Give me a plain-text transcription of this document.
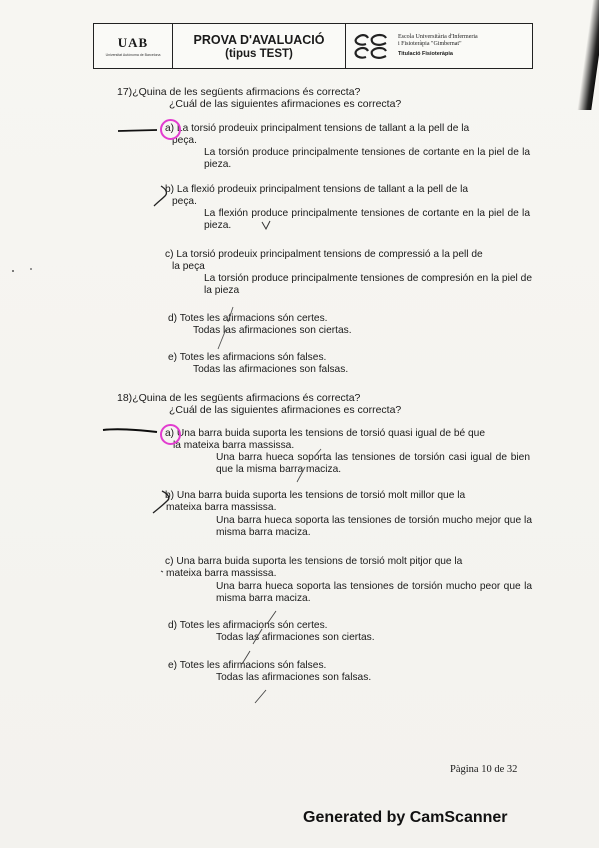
UAB
Universitat Autònoma de Barcelona
PROVA D'AVALUACIÓ
(tipus TEST)
Escola Universitària d'Infermeria
i Fisioteràpia "Gimbernat"
Titulació Fisioteràpia
17)¿Quina de les següents afirmacions és correcta?
¿Cuál de las siguientes afirmaciones es correcta?
a) La torsió prodeuix principalment tensions de tallant a la pell de la
peça.
La torsión produce principalmente tensiones de cortante en la piel de la pieza.
b) La flexió prodeuix principalment tensions de tallant a la pell de la
peça.
La flexión produce principalmente tensiones de cortante en la piel de la pieza.
c) La torsió prodeuix principalment tensions de compressió a la pell de
la peça
La torsión produce principalmente tensiones de compresión en la piel de la pieza
d) Totes les afirmacions són certes.
Todas las afirmaciones son ciertas.
e) Totes les afirmacions són falses.
Todas las afirmaciones son falsas.
18)¿Quina de les següents afirmacions és correcta?
¿Cuál de las siguientes afirmaciones es correcta?
a) Una barra buida suporta les tensions de torsió quasi igual de bé que
la mateixa barra massissa.
Una barra hueca soporta las tensiones de torsión casi igual de bien que la misma barra maciza.
b) Una barra buida suporta les tensions de torsió molt millor que la
mateixa barra massissa.
Una barra hueca soporta las tensiones de torsión mucho mejor que la misma barra maciza.
c) Una barra buida suporta les tensions de torsió molt pitjor que la
mateixa barra massissa.
Una barra hueca soporta las tensiones de torsión mucho peor que la misma barra maciza.
d) Totes les afirmacions són certes.
Todas las afirmaciones son ciertas.
e) Totes les afirmacions són falses.
Todas las afirmaciones son falsas.
Pàgina 10 de 32
Generated by CamScanner
